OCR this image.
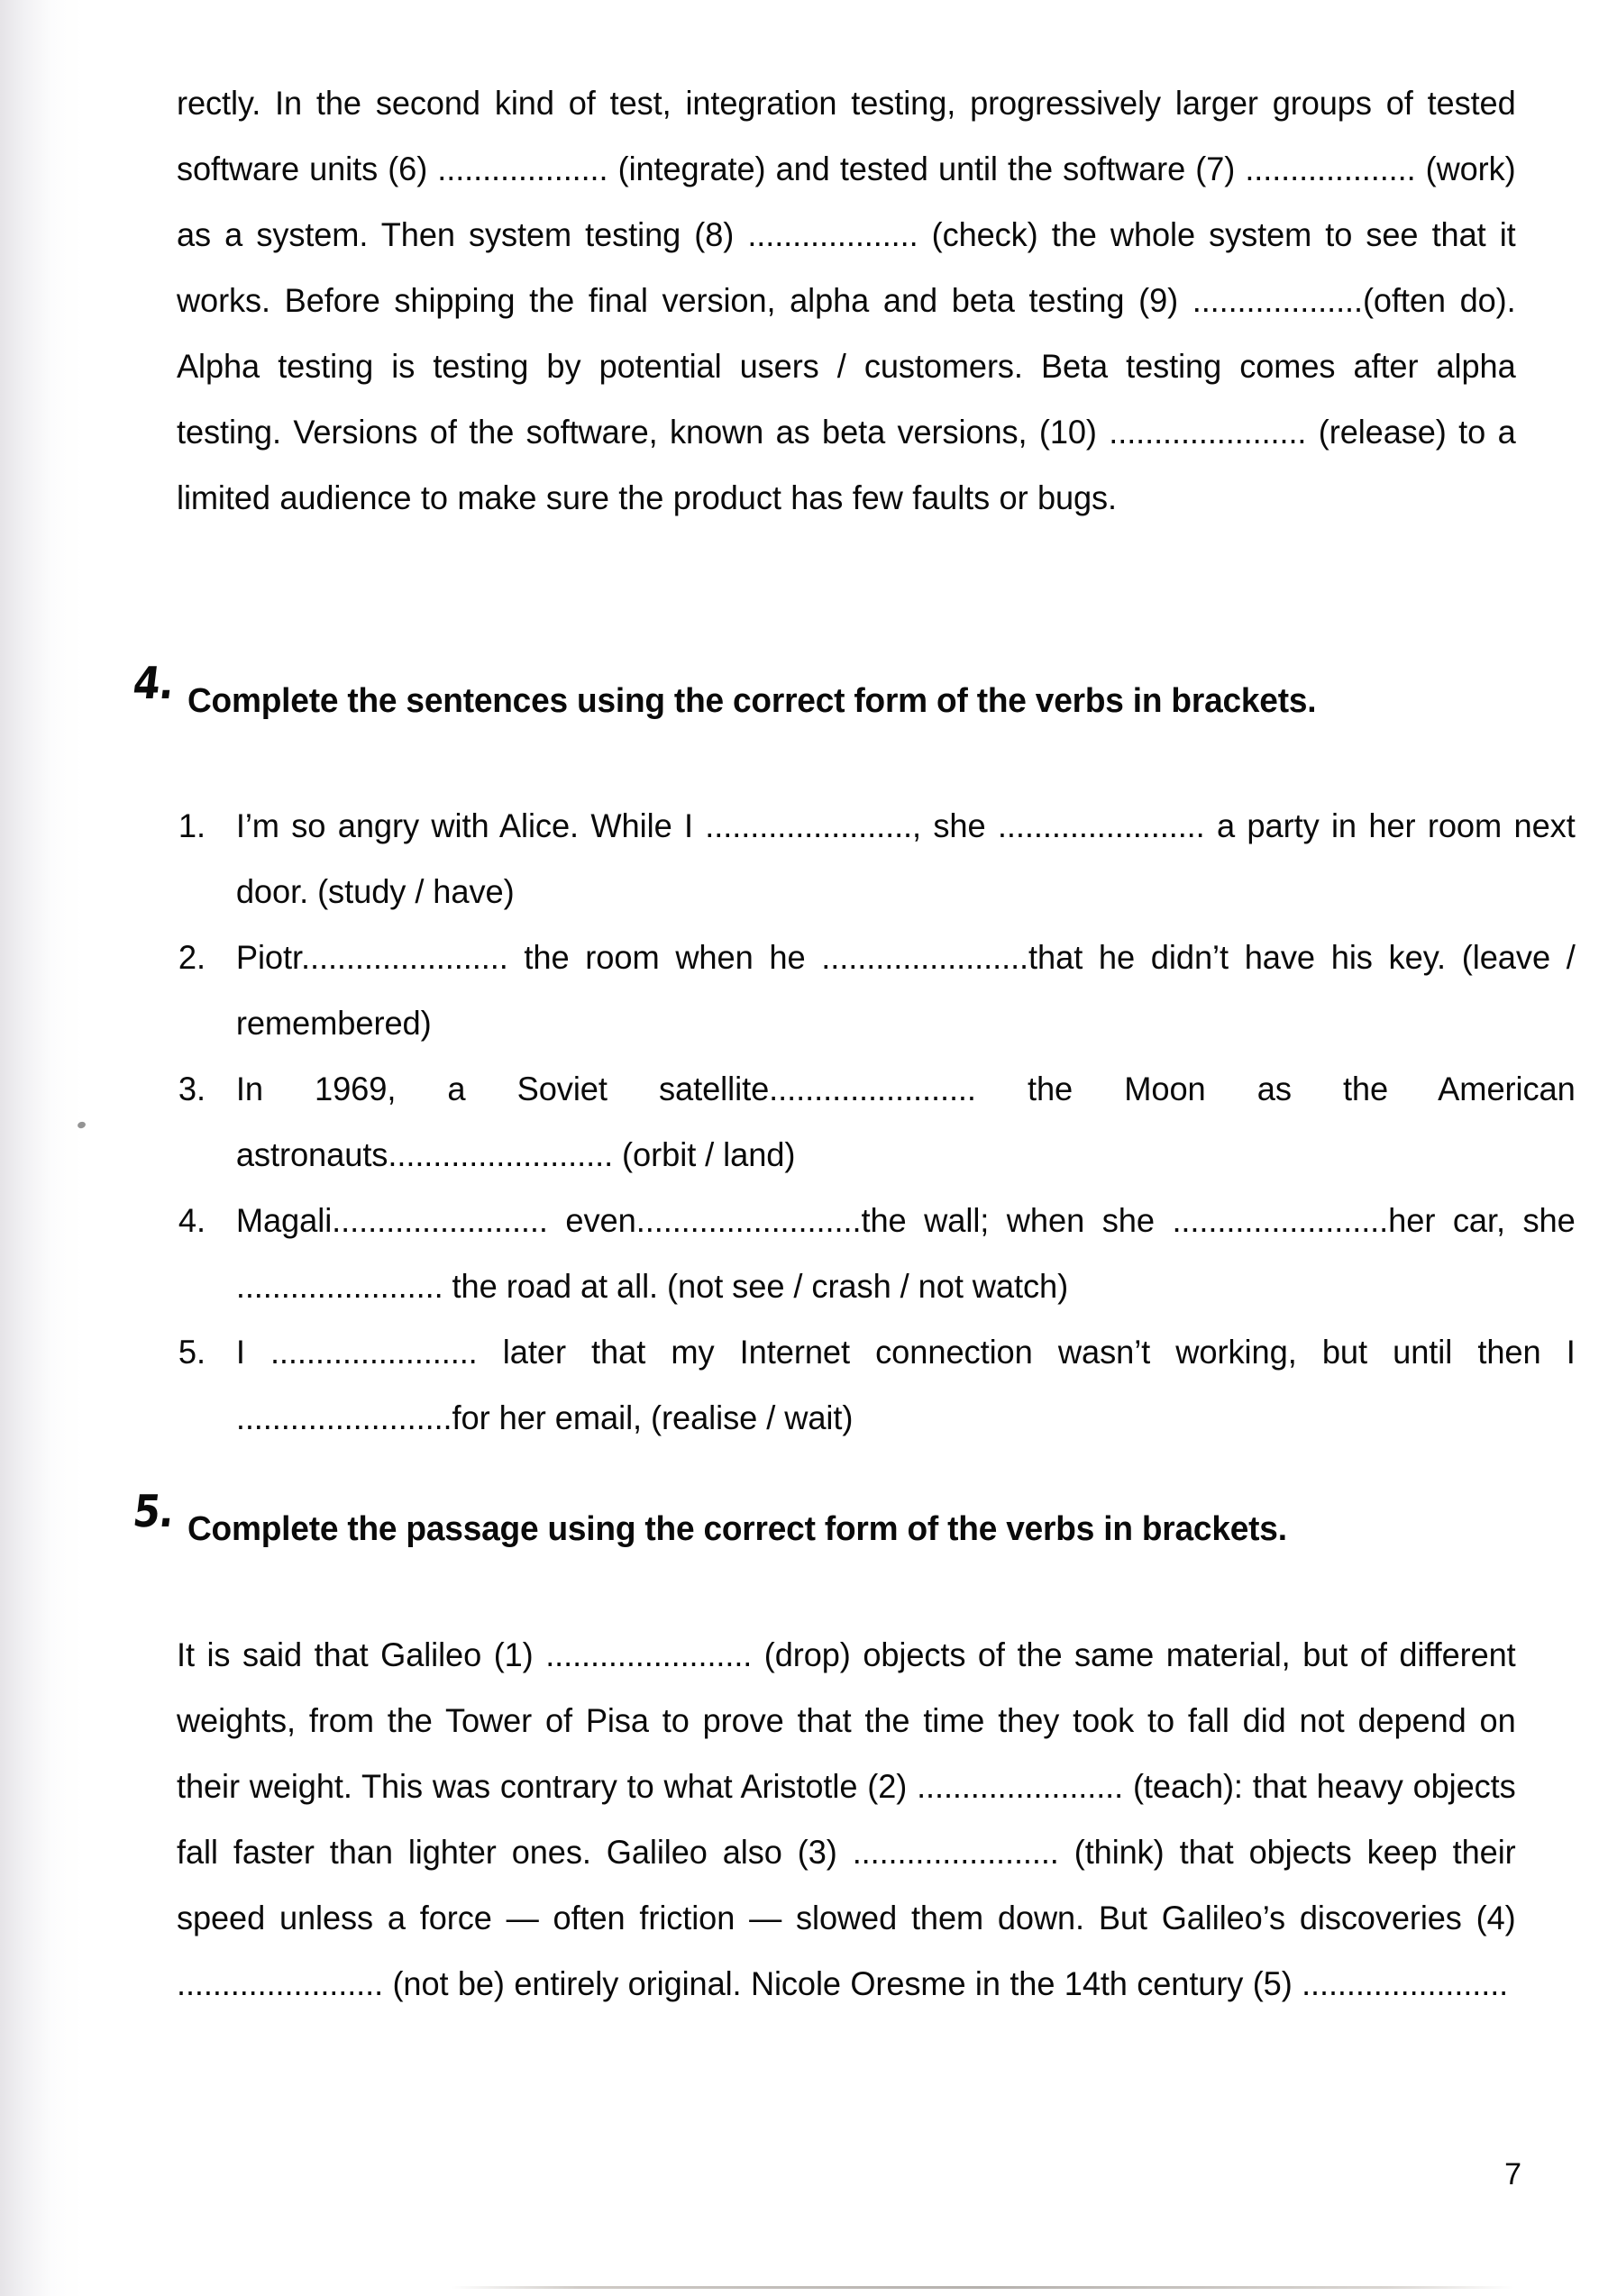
rectly. In the second kind of test, integration testing, progressively larger groups of tested software units (6) ................... (integrate) and tested until the software (7) ................... (work) as a system. Then system testing (8) ................... (check) the whole system to see that it works. Before shipping the final version, alpha and beta testing (9) ...................(often do). Alpha testing is testing by potential users / customers. Beta testing comes after alpha testing. Versions of the software, known as beta versions, (10) ...................... (release) to a limited audience to make sure the product has few faults or bugs.

4. Complete the sentences using the correct form of the verbs in brackets.
1. I’m so angry with Alice. While I ......................., she ....................... a party in her room next door. (study / have)
2. Piotr....................... the room when he .......................that he didn’t have his key. (leave / remembered)
3. In 1969, a Soviet satellite....................... the Moon as the American astronauts......................... (orbit / land)
4. Magali........................ even.........................the wall; when she ........................her car, she ....................... the road at all. (not see / crash / not watch)
5. I ....................... later that my Internet connection wasn’t working, but until then I ........................for her email, (realise / wait)
5. Complete the passage using the correct form of the verbs in brackets.

It is said that Galileo (1) ....................... (drop) objects of the same material, but of different weights, from the Tower of Pisa to prove that the time they took to fall did not depend on their weight. This was contrary to what Aristotle (2) ....................... (teach): that heavy objects fall faster than lighter ones. Galileo also (3) ....................... (think) that objects keep their speed unless a force — often friction — slowed them down. But Galileo’s discoveries (4) ....................... (not be) entirely original. Nicole Oresme in the 14th century (5) .......................

7
